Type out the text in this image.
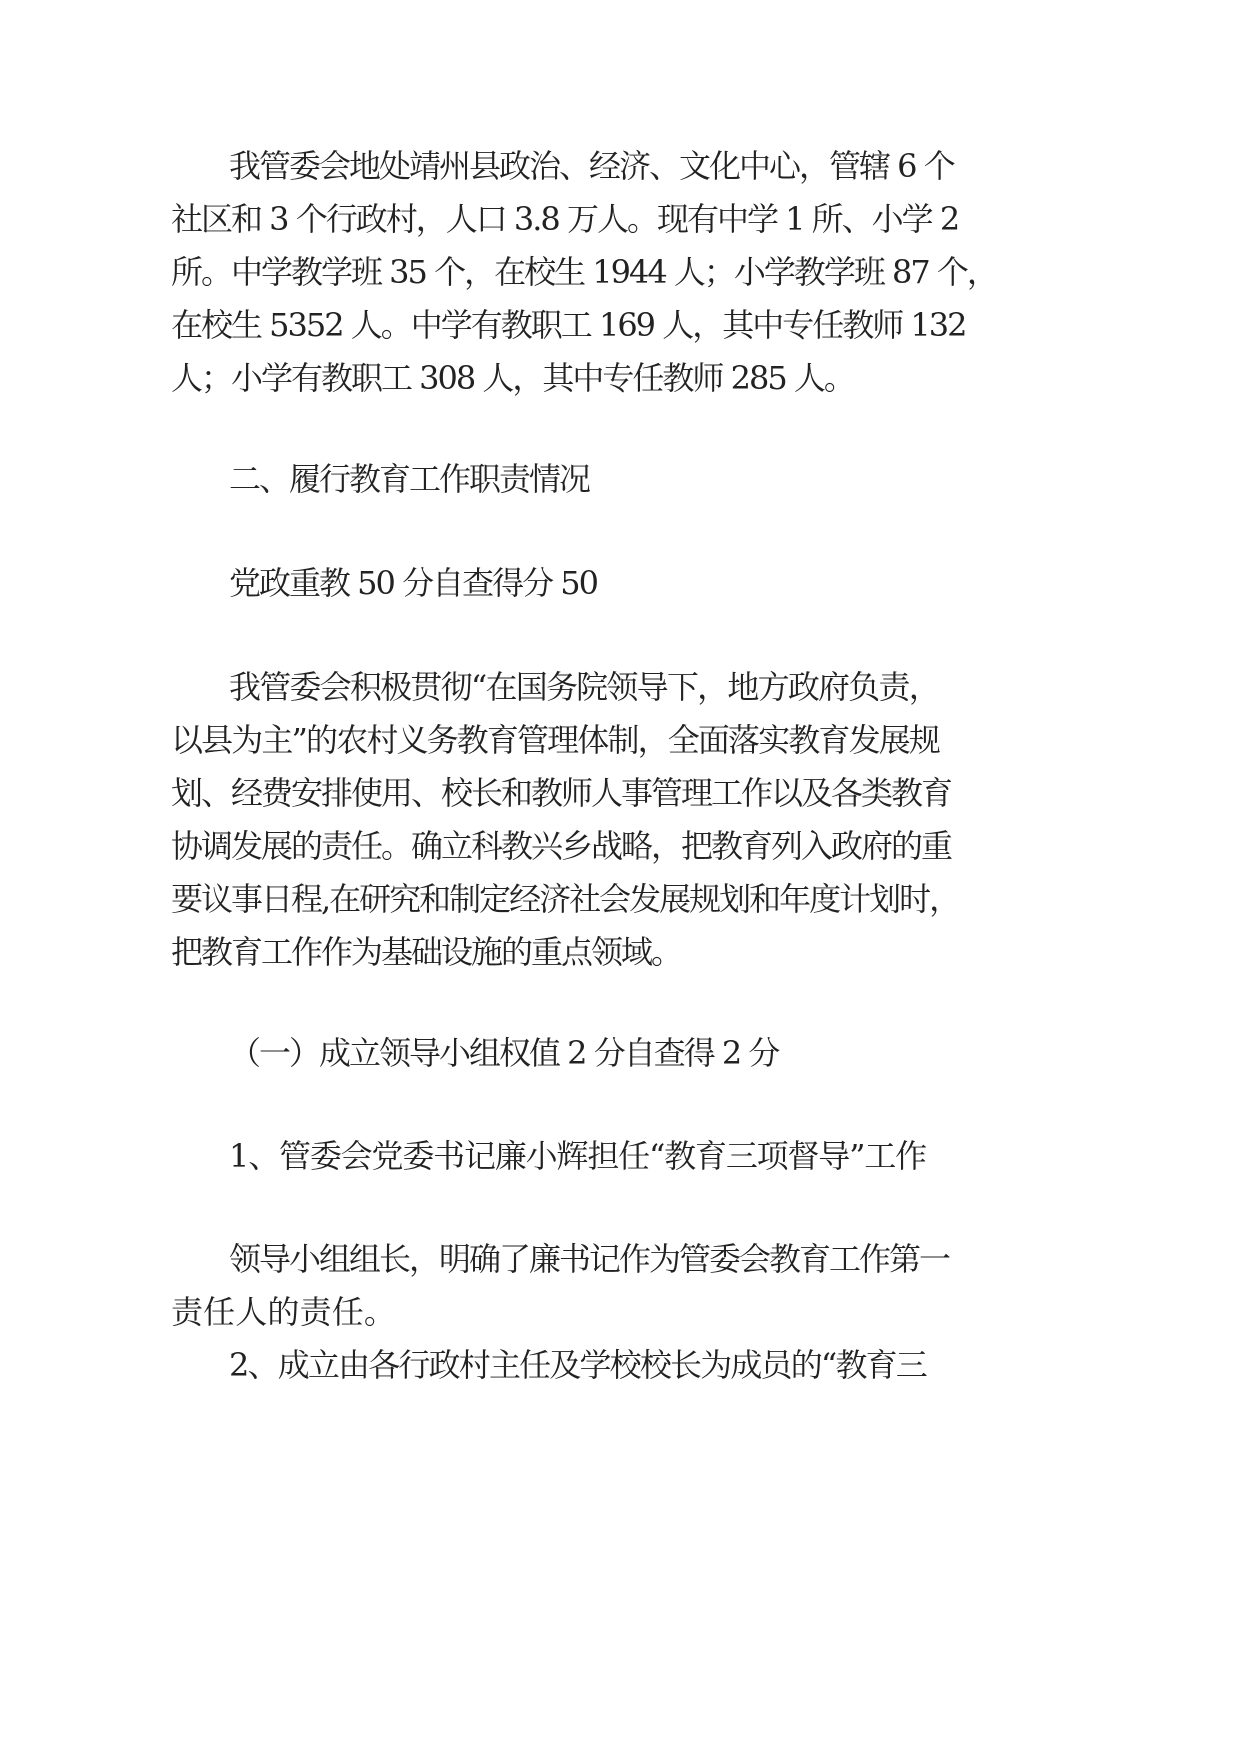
我管委会地处靖州县政治、经济、文化中心，管辖 6 个
社区和 3 个行政村，人口 3.8 万人。现有中学 1 所、小学 2
所。中学教学班 35 个，在校生 1944 人；小学教学班 87 个，
在校生 5352 人。中学有教职工 169 人，其中专任教师 132
人；小学有教职工 308 人，其中专任教师 285 人。
二、履行教育工作职责情况
党政重教 50 分自查得分 50
我管委会积极贯彻“在国务院领导下，地方政府负责，
以县为主”的农村义务教育管理体制，全面落实教育发展规
划、经费安排使用、校长和教师人事管理工作以及各类教育
协调发展的责任。确立科教兴乡战略，把教育列入政府的重
要议事日程,在研究和制定经济社会发展规划和年度计划时，
把教育工作作为基础设施的重点领域。
（一）成立领导小组权值 2 分自查得 2 分
1、管委会党委书记廉小辉担任“教育三项督导”工作
领导小组组长，明确了廉书记作为管委会教育工作第一
责任人的责任。
2、成立由各行政村主任及学校校长为成员的“教育三
